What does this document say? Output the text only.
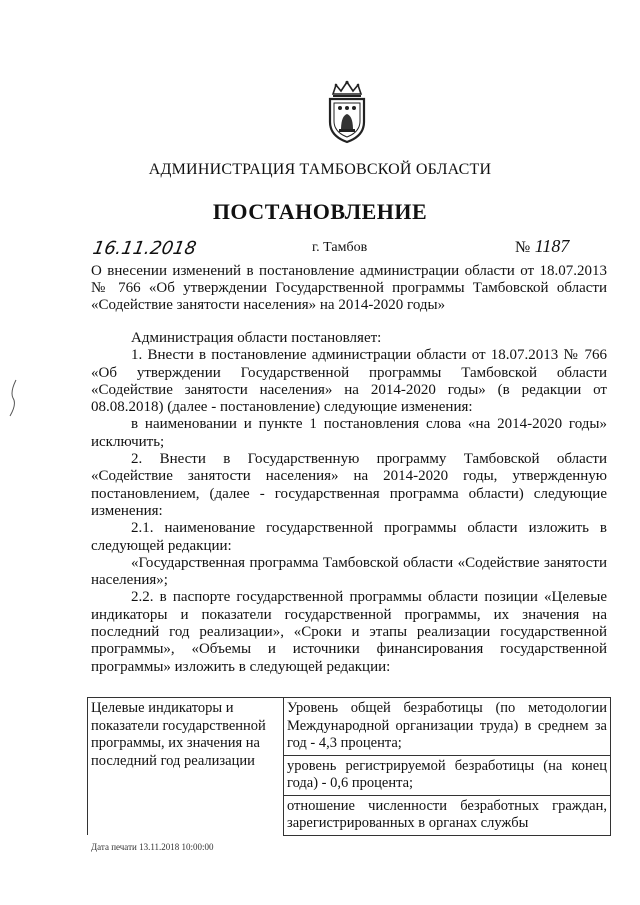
АДМИНИСТРАЦИЯ ТАМБОВСКОЙ ОБЛАСТИ
ПОСТАНОВЛЕНИЕ
16.11.2018	г. Тамбов	№ 1187
О внесении изменений в постановление администрации области от 18.07.2013 № 766 «Об утверждении Государственной программы Тамбовской области «Содействие занятости населения» на 2014-2020 годы»

Администрация области постановляет:

1. Внести в постановление администрации области от 18.07.2013 № 766 «Об утверждении Государственной программы Тамбовской области «Содействие занятости населения» на 2014-2020 годы» (в редакции от 08.08.2018) (далее - постановление) следующие изменения:

в наименовании и пункте 1 постановления слова «на 2014-2020 годы» исключить;

2. Внести в Государственную программу Тамбовской области «Содействие занятости населения» на 2014-2020 годы, утвержденную постановлением, (далее - государственная программа области) следующие изменения:

2.1. наименование государственной программы области изложить в следующей редакции:

«Государственная программа Тамбовской области «Содействие занятости населения»;

2.2. в паспорте государственной программы области позиции «Целевые индикаторы и показатели государственной программы, их значения на последний год реализации», «Сроки и этапы реализации государственной программы», «Объемы и источники финансирования государственной программы» изложить в следующей редакции:

Целевые индикаторы и показатели государственной программы, их значения на последний год реализации	Уровень общей безработицы (по методологии Международной организации труда) в среднем за год - 4,3 процента;
уровень регистрируемой безработицы (на конец года) - 0,6 процента;
отношение численности безработных граждан, зарегистрированных в органах службы
Дата печати 13.11.2018 10:00:00
